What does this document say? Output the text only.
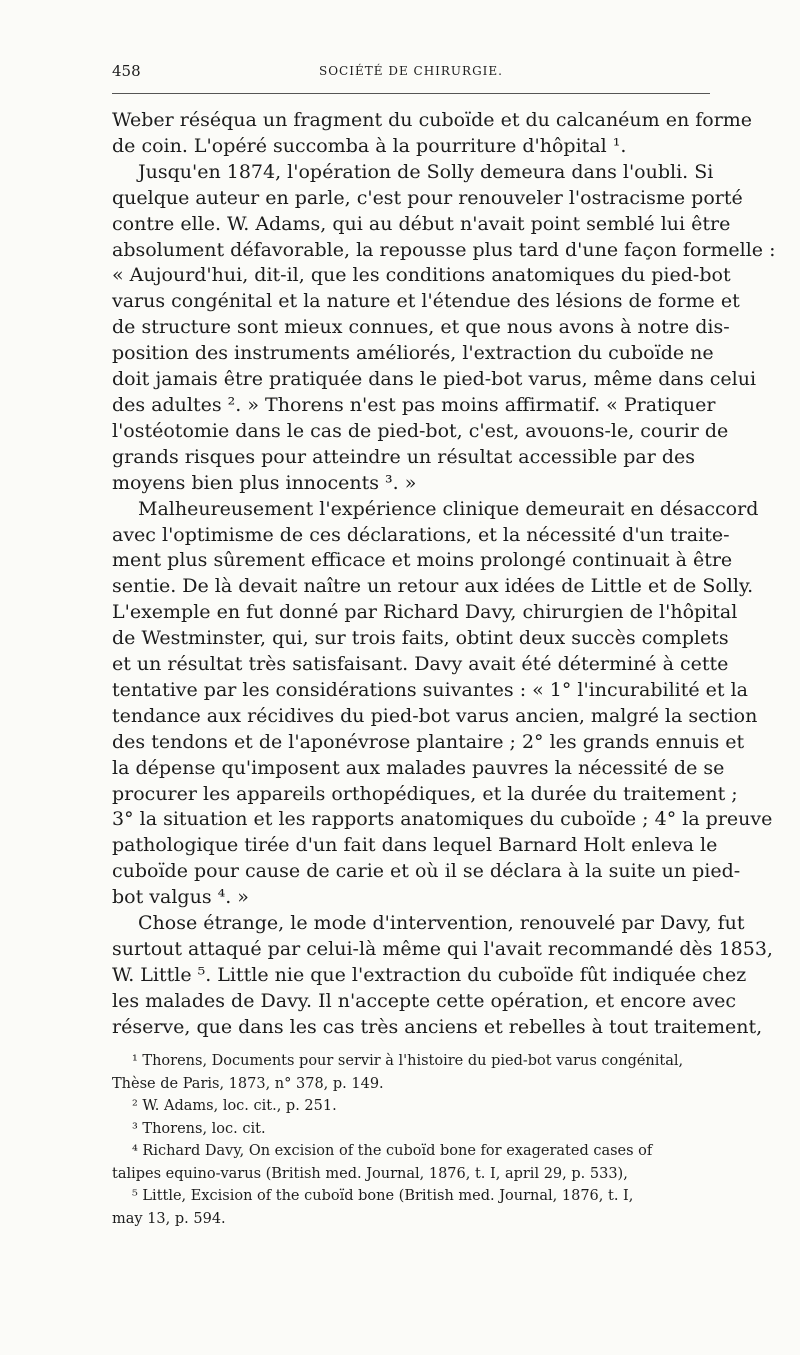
458	SOCIÉTÉ DE CHIRURGIE.
Weber réséqua un fragment du cuboïde et du calcanéum en forme
de coin. L'opéré succomba à la pourriture d'hôpital ¹.
Jusqu'en 1874, l'opération de Solly demeura dans l'oubli. Si
quelque auteur en parle, c'est pour renouveler l'ostracisme porté
contre elle. W. Adams, qui au début n'avait point semblé lui être
absolument défavorable, la repousse plus tard d'une façon formelle :
« Aujourd'hui, dit-il, que les conditions anatomiques du pied-bot
varus congénital et la nature et l'étendue des lésions de forme et
de structure sont mieux connues, et que nous avons à notre dis-
position des instruments améliorés, l'extraction du cuboïde ne
doit jamais être pratiquée dans le pied-bot varus, même dans celui
des adultes ². » Thorens n'est pas moins affirmatif. « Pratiquer
l'ostéotomie dans le cas de pied-bot, c'est, avouons-le, courir de
grands risques pour atteindre un résultat accessible par des
moyens bien plus innocents ³. »
Malheureusement l'expérience clinique demeurait en désaccord
avec l'optimisme de ces déclarations, et la nécessité d'un traite-
ment plus sûrement efficace et moins prolongé continuait à être
sentie. De là devait naître un retour aux idées de Little et de Solly.
L'exemple en fut donné par Richard Davy, chirurgien de l'hôpital
de Westminster, qui, sur trois faits, obtint deux succès complets
et un résultat très satisfaisant. Davy avait été déterminé à cette
tentative par les considérations suivantes : « 1° l'incurabilité et la
tendance aux récidives du pied-bot varus ancien, malgré la section
des tendons et de l'aponévrose plantaire ; 2° les grands ennuis et
la dépense qu'imposent aux malades pauvres la nécessité de se
procurer les appareils orthopédiques, et la durée du traitement ;
3° la situation et les rapports anatomiques du cuboïde ; 4° la preuve
pathologique tirée d'un fait dans lequel Barnard Holt enleva le
cuboïde pour cause de carie et où il se déclara à la suite un pied-
bot valgus ⁴. »
Chose étrange, le mode d'intervention, renouvelé par Davy, fut
surtout attaqué par celui-là même qui l'avait recommandé dès 1853,
W. Little ⁵. Little nie que l'extraction du cuboïde fût indiquée chez
les malades de Davy. Il n'accepte cette opération, et encore avec
réserve, que dans les cas très anciens et rebelles à tout traitement,
¹ Thorens, Documents pour servir à l'histoire du pied-bot varus congénital,
Thèse de Paris, 1873, n° 378, p. 149.
² W. Adams, loc. cit., p. 251.
³ Thorens, loc. cit.
⁴ Richard Davy, On excision of the cuboïd bone for exagerated cases of
talipes equino-varus (British med. Journal, 1876, t. I, april 29, p. 533),
⁵ Little, Excision of the cuboïd bone (British med. Journal, 1876, t. I,
may 13, p. 594.
